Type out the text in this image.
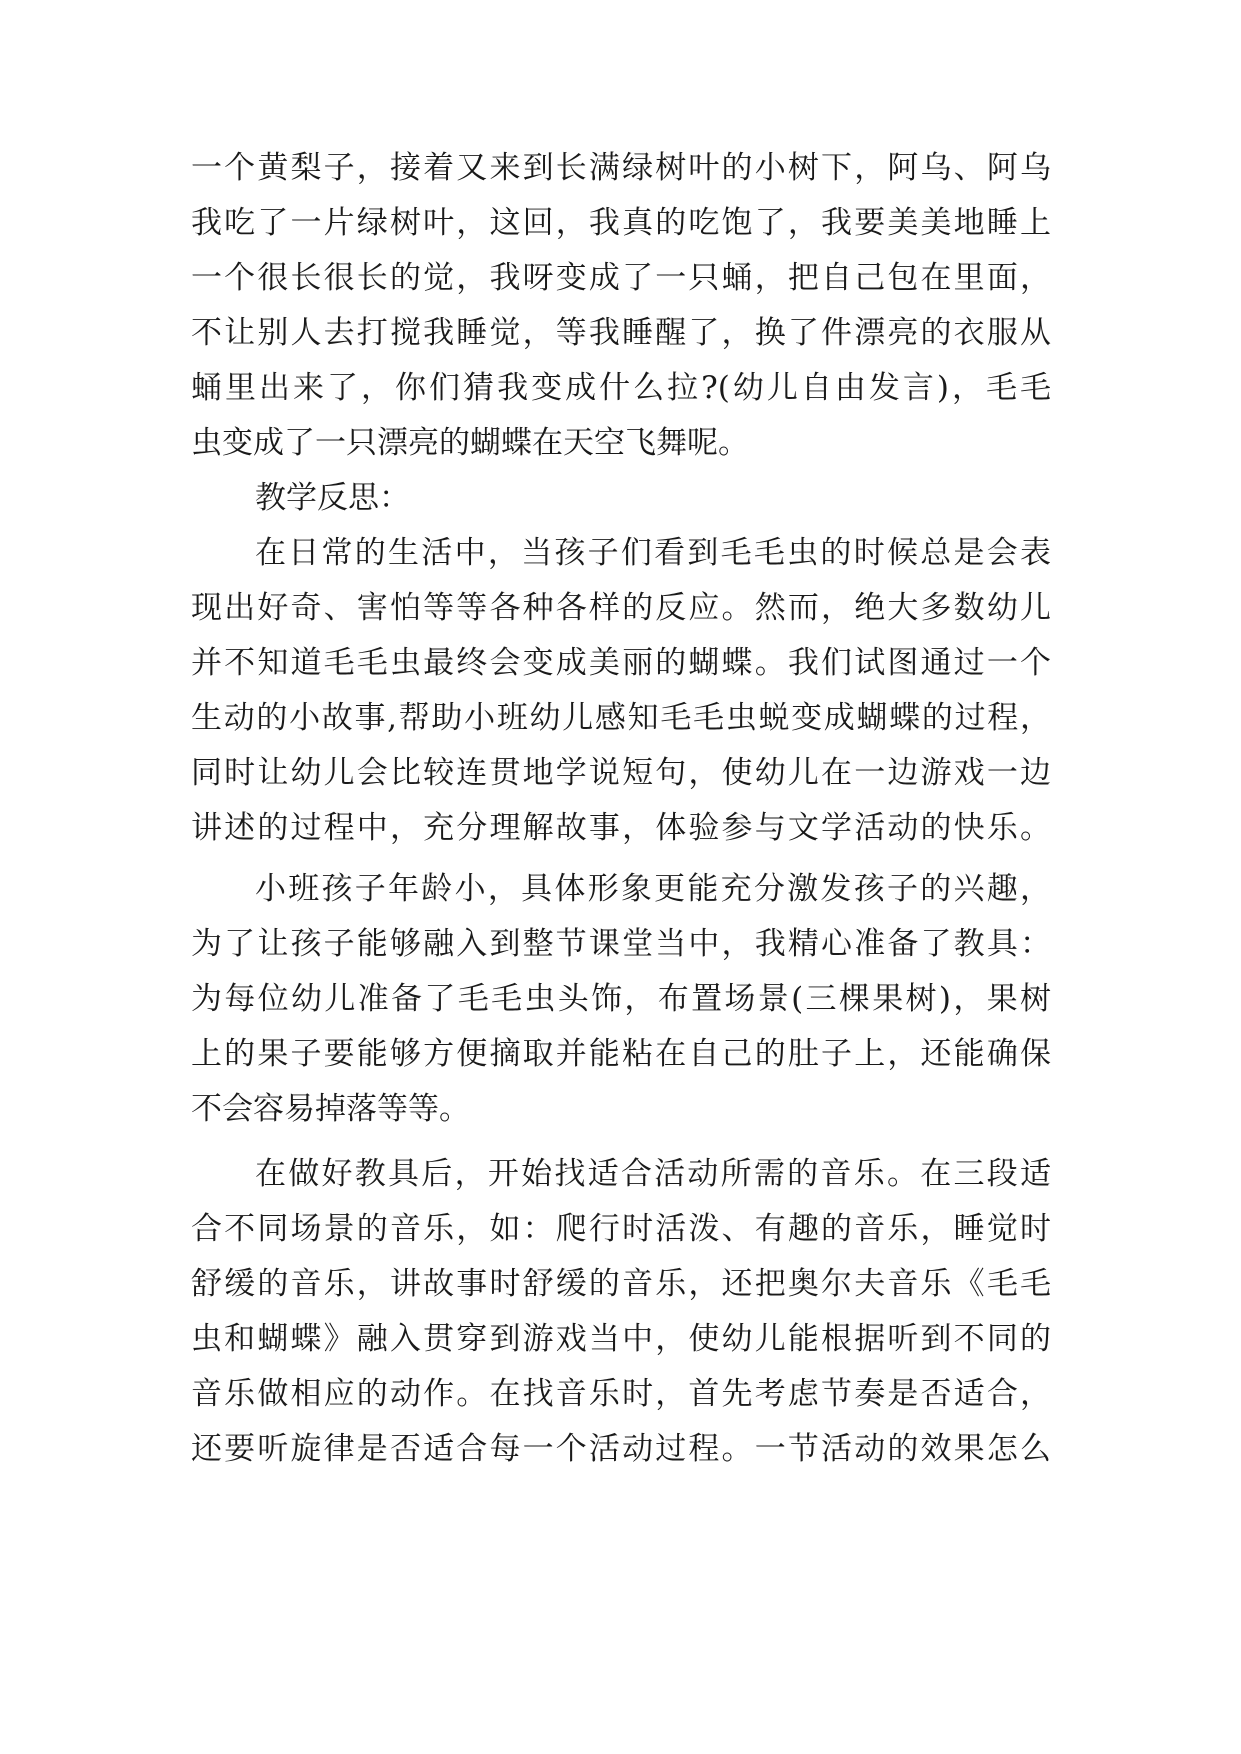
一个黄梨子，接着又来到长满绿树叶的小树下，阿乌、阿乌
我吃了一片绿树叶，这回，我真的吃饱了，我要美美地睡上
一个很长很长的觉，我呀变成了一只蛹，把自己包在里面，
不让别人去打搅我睡觉，等我睡醒了，换了件漂亮的衣服从
蛹里出来了，你们猜我变成什么拉?(幼儿自由发言)，毛毛
虫变成了一只漂亮的蝴蝶在天空飞舞呢。
教学反思：
在日常的生活中，当孩子们看到毛毛虫的时候总是会表
现出好奇、害怕等等各种各样的反应。然而，绝大多数幼儿
并不知道毛毛虫最终会变成美丽的蝴蝶。我们试图通过一个
生动的小故事,帮助小班幼儿感知毛毛虫蜕变成蝴蝶的过程，
同时让幼儿会比较连贯地学说短句，使幼儿在一边游戏一边
讲述的过程中，充分理解故事，体验参与文学活动的快乐。
小班孩子年龄小，具体形象更能充分激发孩子的兴趣，
为了让孩子能够融入到整节课堂当中，我精心准备了教具：
为每位幼儿准备了毛毛虫头饰，布置场景(三棵果树)，果树
上的果子要能够方便摘取并能粘在自己的肚子上，还能确保
不会容易掉落等等。
在做好教具后，开始找适合活动所需的音乐。在三段适
合不同场景的音乐，如：爬行时活泼、有趣的音乐，睡觉时
舒缓的音乐，讲故事时舒缓的音乐，还把奥尔夫音乐《毛毛
虫和蝴蝶》融入贯穿到游戏当中，使幼儿能根据听到不同的
音乐做相应的动作。在找音乐时，首先考虑节奏是否适合，
还要听旋律是否适合每一个活动过程。一节活动的效果怎么
